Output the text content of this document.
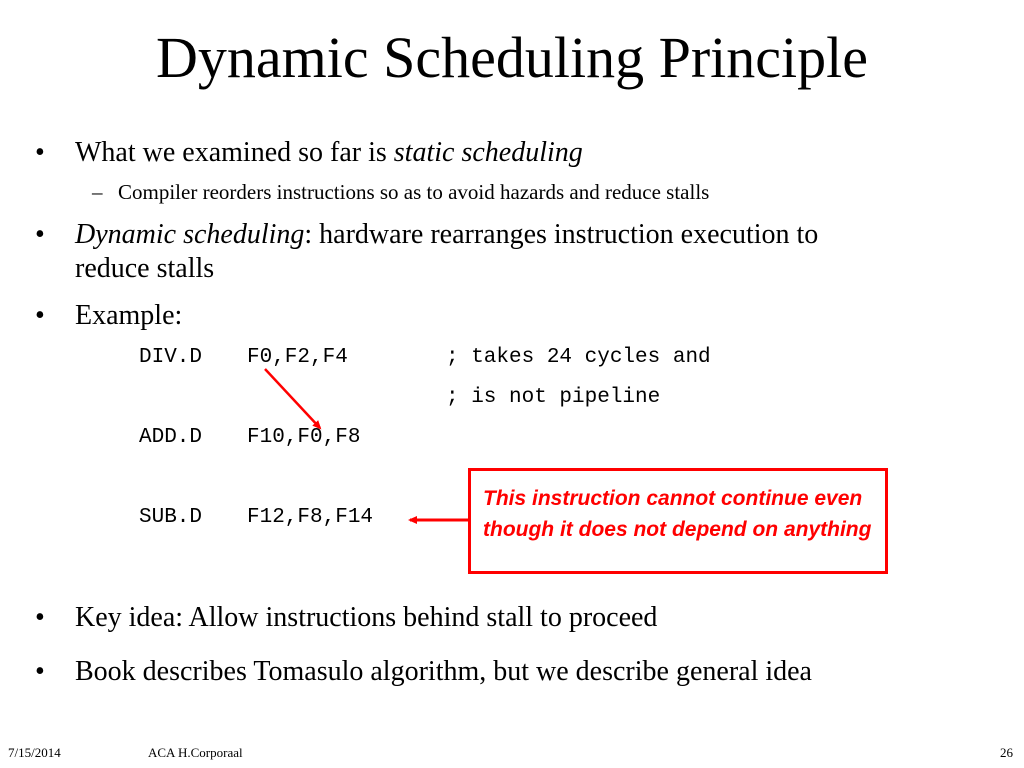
Dynamic Scheduling Principle
• What we examined so far is static scheduling
– Compiler reorders instructions so as to avoid hazards and reduce stalls
• Dynamic scheduling: hardware rearranges instruction execution to
reduce stalls
• Example:
DIV.D F0,F2,F4	; takes 24 cycles and
; is not pipeline
ADD.D F10,F0,F8
SUB.D F12,F8,F14
This instruction cannot continue even though it does not depend on anything
• Key idea: Allow instructions behind stall to proceed
• Book describes Tomasulo algorithm, but we describe general idea
7/15/2014	ACA H.Corporaal	26
